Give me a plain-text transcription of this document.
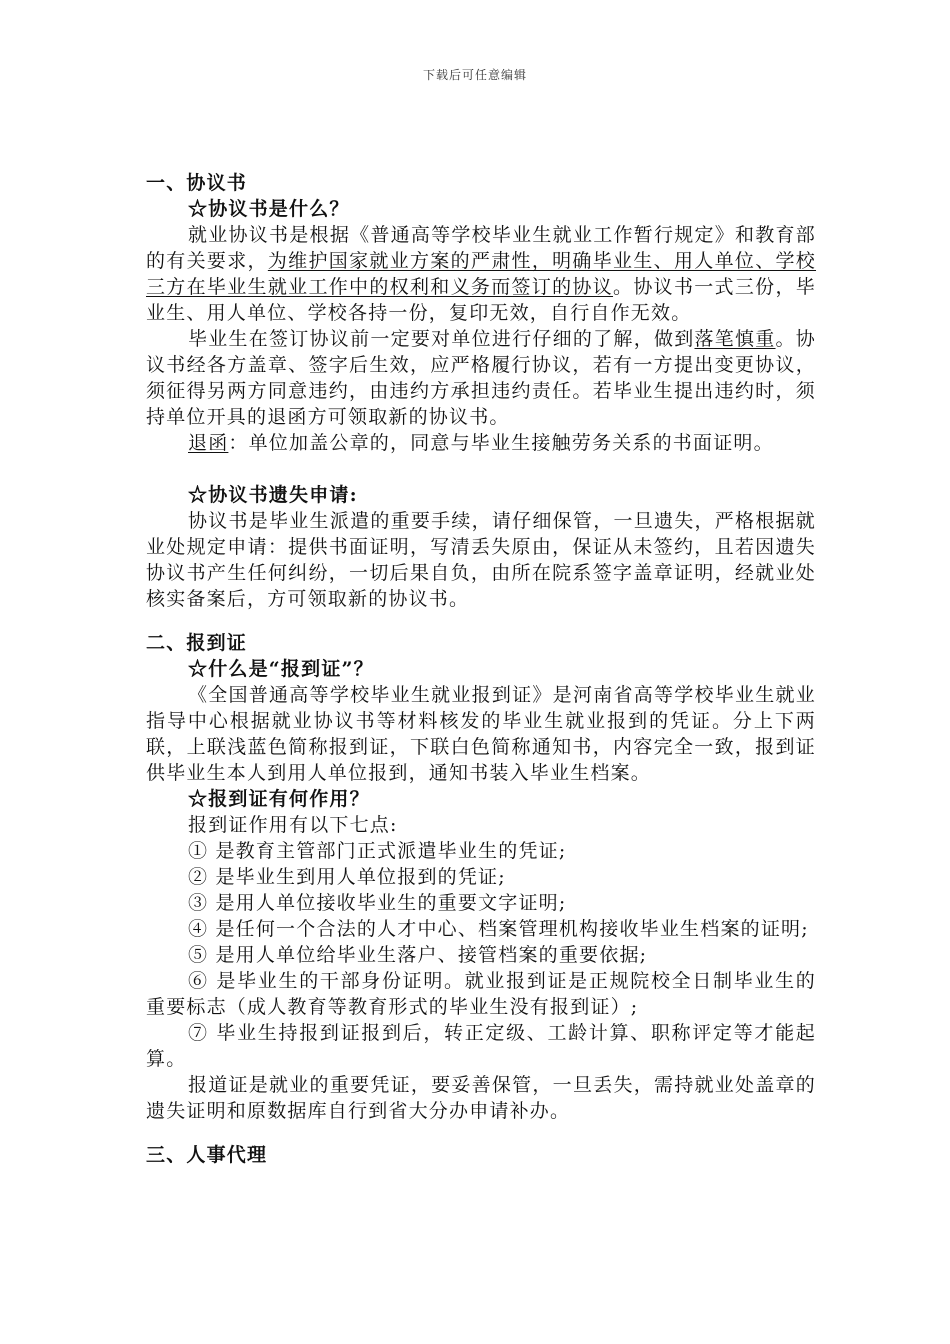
下载后可任意编辑

一、协议书

☆协议书是什么？

就业协议书是根据《普通高等学校毕业生就业工作暂行规定》和教育部的有关要求，为维护国家就业方案的严肃性，明确毕业生、用人单位、学校三方在毕业生就业工作中的权利和义务而签订的协议。协议书一式三份，毕业生、用人单位、学校各持一份，复印无效，自行自作无效。

毕业生在签订协议前一定要对单位进行仔细的了解，做到落笔慎重。协议书经各方盖章、签字后生效，应严格履行协议，若有一方提出变更协议，须征得另两方同意违约，由违约方承担违约责任。若毕业生提出违约时，须持单位开具的退函方可领取新的协议书。

退函：单位加盖公章的，同意与毕业生接触劳务关系的书面证明。

☆协议书遗失申请:

协议书是毕业生派遣的重要手续，请仔细保管，一旦遗失，严格根据就业处规定申请：提供书面证明，写清丢失原由，保证从未签约，且若因遗失协议书产生任何纠纷，一切后果自负，由所在院系签字盖章证明，经就业处核实备案后，方可领取新的协议书。

二、报到证

☆什么是“报到证”？

《全国普通高等学校毕业生就业报到证》是河南省高等学校毕业生就业指导中心根据就业协议书等材料核发的毕业生就业报到的凭证。分上下两联，上联浅蓝色简称报到证，下联白色简称通知书，内容完全一致，报到证供毕业生本人到用人单位报到，通知书装入毕业生档案。

☆报到证有何作用？

报到证作用有以下七点:

① 是教育主管部门正式派遣毕业生的凭证;

② 是毕业生到用人单位报到的凭证;

③ 是用人单位接收毕业生的重要文字证明;

④ 是任何一个合法的人才中心、档案管理机构接收毕业生档案的证明;

⑤ 是用人单位给毕业生落户、接管档案的重要依据;

⑥ 是毕业生的干部身份证明。就业报到证是正规院校全日制毕业生的重要标志（成人教育等教育形式的毕业生没有报到证）;

⑦ 毕业生持报到证报到后，转正定级、工龄计算、职称评定等才能起算。

报道证是就业的重要凭证，要妥善保管，一旦丢失，需持就业处盖章的遗失证明和原数据库自行到省大分办申请补办。

三、人事代理
